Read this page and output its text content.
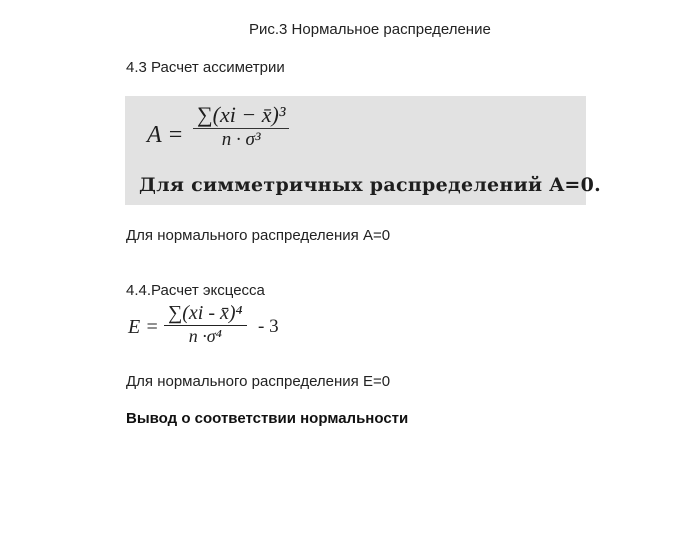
Рис.3 Нормальное распределение
4.3 Расчет ассиметрии
$A = \frac{\text{∑(xi − x̄)³}}{\text{n · σ³}}$
Для симметричных распределений A=0.
Для нормального распределения А=0
4.4.Расчет эксцесса
$E = \frac{\text{∑(xi - x̄)⁴}}{\text{n ·σ⁴}} - 3$
Для нормального распределения Е=0
Вывод о соответствии нормальности
